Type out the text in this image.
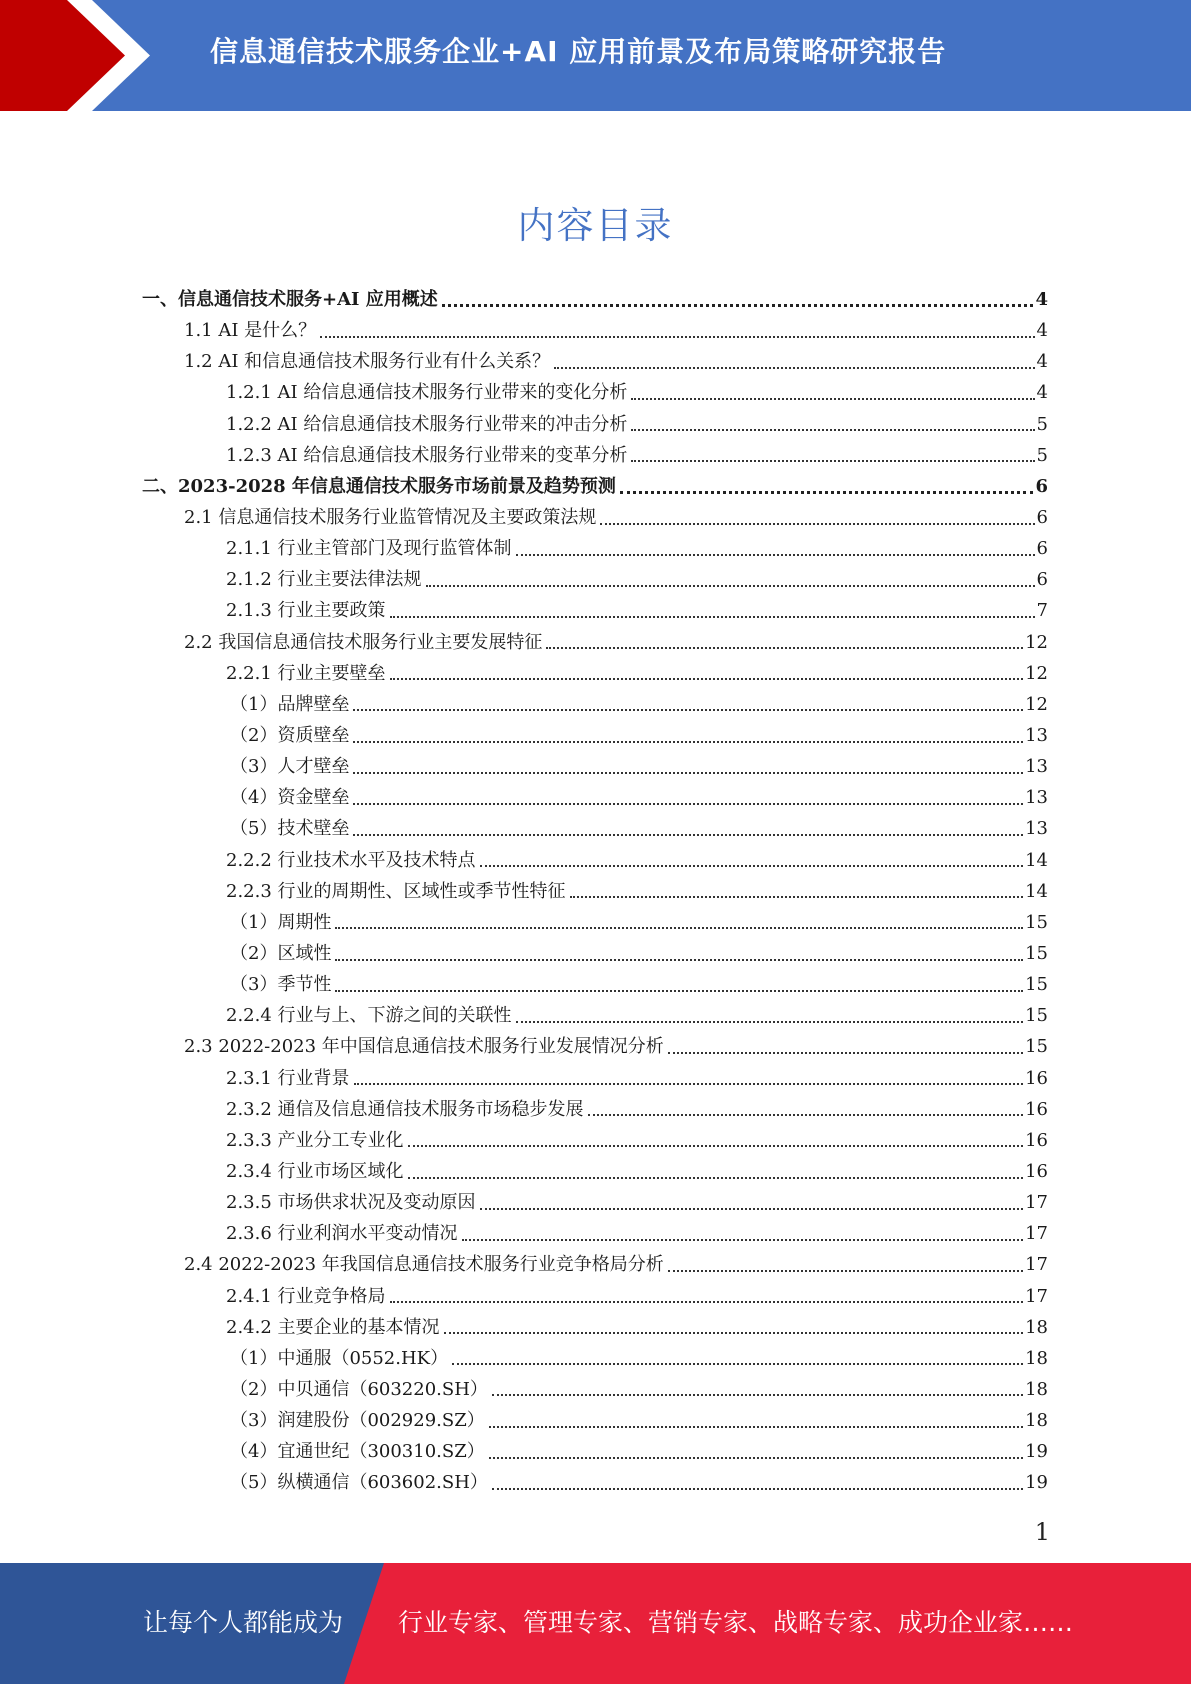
信息通信技术服务企业+AI 应用前景及布局策略研究报告
内容目录
一、信息通信技术服务+AI 应用概述	4
1.1 AI 是什么？	4
1.2 AI 和信息通信技术服务行业有什么关系？	4
1.2.1 AI 给信息通信技术服务行业带来的变化分析	4
1.2.2 AI 给信息通信技术服务行业带来的冲击分析	5
1.2.3 AI 给信息通信技术服务行业带来的变革分析	5
二、2023-2028 年信息通信技术服务市场前景及趋势预测	6
2.1 信息通信技术服务行业监管情况及主要政策法规	6
2.1.1 行业主管部门及现行监管体制	6
2.1.2 行业主要法律法规	6
2.1.3 行业主要政策	7
2.2 我国信息通信技术服务行业主要发展特征	12
2.2.1 行业主要壁垒	12
（1）品牌壁垒	12
（2）资质壁垒	13
（3）人才壁垒	13
（4）资金壁垒	13
（5）技术壁垒	13
2.2.2 行业技术水平及技术特点	14
2.2.3 行业的周期性、区域性或季节性特征	14
（1）周期性	15
（2）区域性	15
（3）季节性	15
2.2.4 行业与上、下游之间的关联性	15
2.3 2022-2023 年中国信息通信技术服务行业发展情况分析	15
2.3.1 行业背景	16
2.3.2 通信及信息通信技术服务市场稳步发展	16
2.3.3 产业分工专业化	16
2.3.4 行业市场区域化	16
2.3.5 市场供求状况及变动原因	17
2.3.6 行业利润水平变动情况	17
2.4 2022-2023 年我国信息通信技术服务行业竞争格局分析	17
2.4.1 行业竞争格局	17
2.4.2 主要企业的基本情况	18
（1）中通服（0552.HK）	18
（2）中贝通信（603220.SH）	18
（3）润建股份（002929.SZ）	18
（4）宜通世纪（300310.SZ）	19
（5）纵横通信（603602.SH）	19
1
让每个人都能成为 行业专家、管理专家、营销专家、战略专家、成功企业家……
